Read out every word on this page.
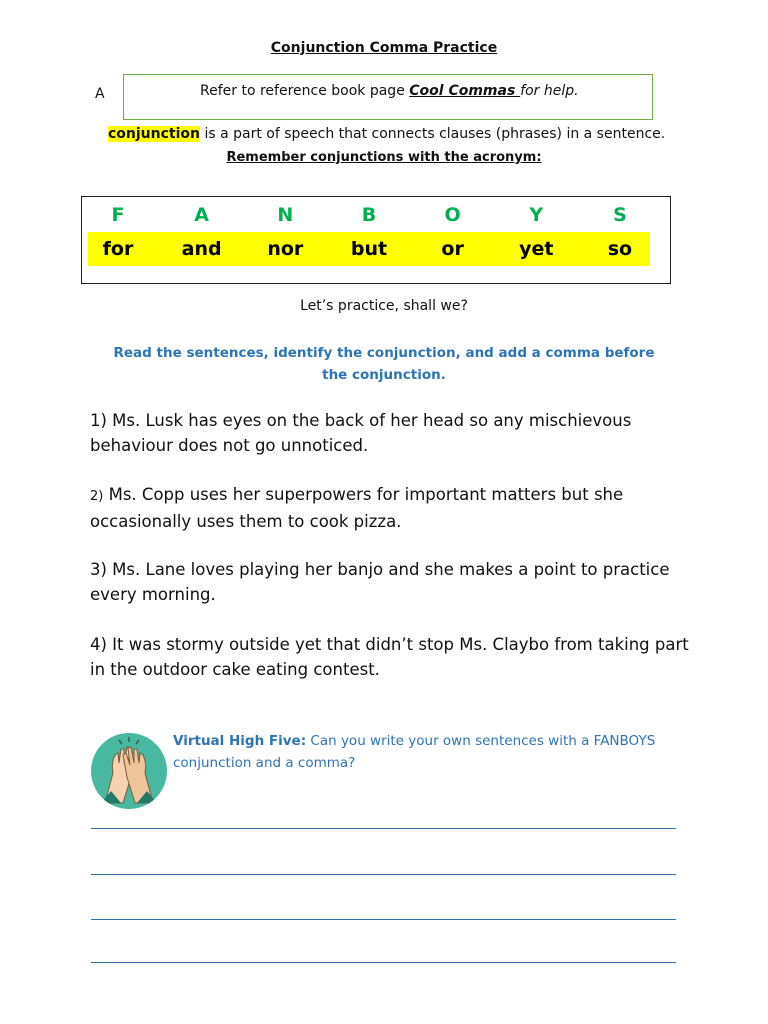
Conjunction Comma Practice
A	Refer to reference book page Cool Commas for help.
conjunction is a part of speech that connects clauses (phrases) in a sentence.
Remember conjunctions with the acronym:
F	A	N	B	O	Y	S
for	and	nor	but	or	yet	so
Let’s practice, shall we?
Read the sentences, identify the conjunction, and add a comma before the conjunction.
1) Ms. Lusk has eyes on the back of her head so any mischievous behaviour does not go unnoticed.
2) Ms. Copp uses her superpowers for important matters but she occasionally uses them to cook pizza.
3) Ms. Lane loves playing her banjo and she makes a point to practice every morning.
4) It was stormy outside yet that didn’t stop Ms. Claybo from taking part in the outdoor cake eating contest.
Virtual High Five: Can you write your own sentences with a FANBOYS conjunction and a comma?
